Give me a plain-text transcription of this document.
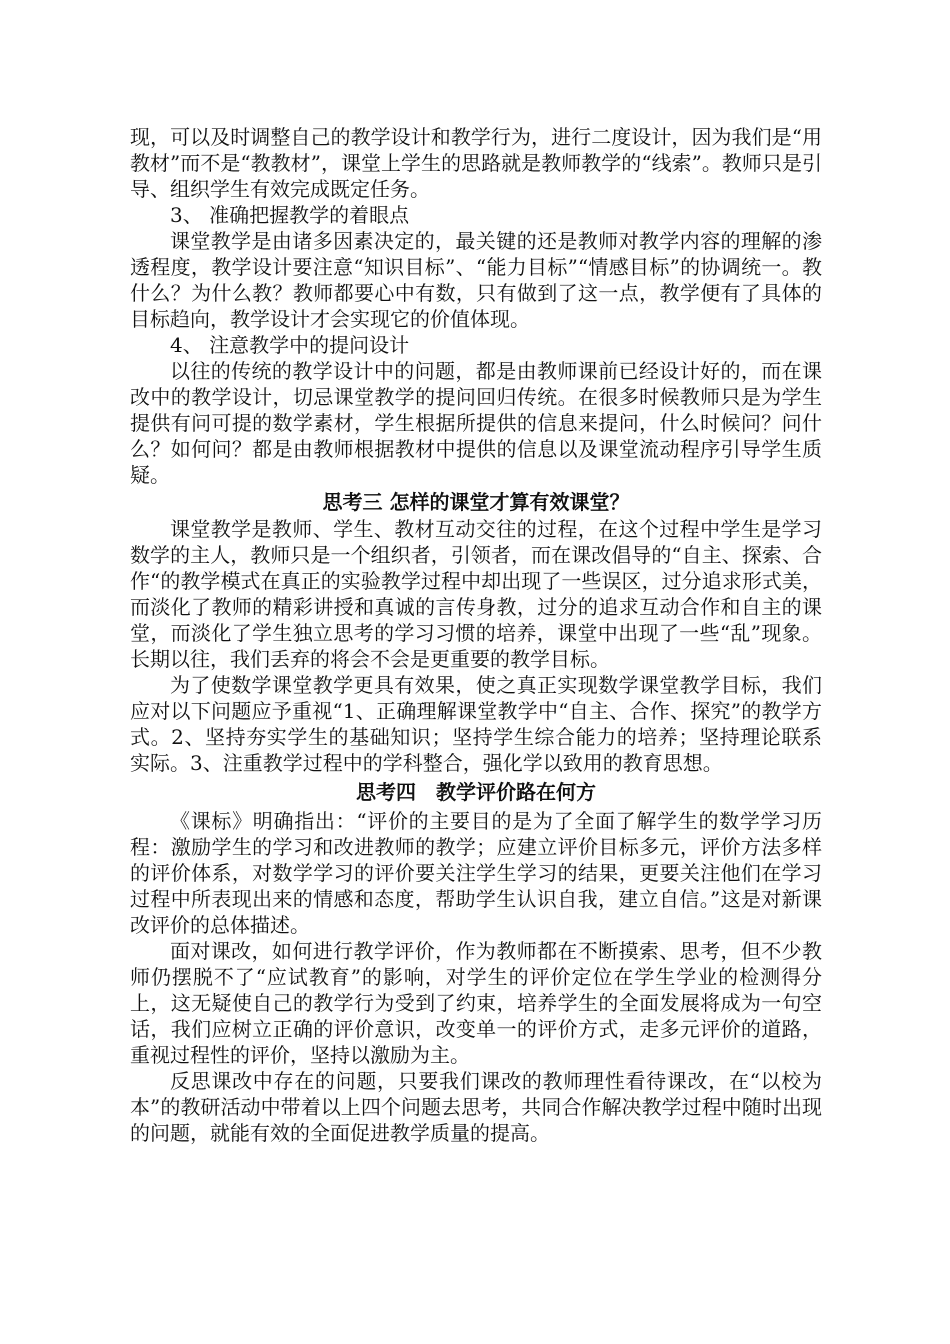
现，可以及时调整自己的教学设计和教学行为，进行二度设计，因为我们是“用教材”而不是“教教材”，课堂上学生的思路就是教师教学的“线索”。教师只是引导、组织学生有效完成既定任务。

3、 准确把握教学的着眼点

课堂教学是由诸多因素决定的，最关键的还是教师对教学内容的理解的渗透程度，教学设计要注意“知识目标”、“能力目标”“情感目标”的协调统一。教什么？为什么教？教师都要心中有数，只有做到了这一点，教学便有了具体的目标趋向，教学设计才会实现它的价值体现。

4、 注意教学中的提问设计

以往的传统的教学设计中的问题，都是由教师课前已经设计好的，而在课改中的教学设计，切忌课堂教学的提问回归传统。在很多时候教师只是为学生提供有问可提的数学素材，学生根据所提供的信息来提问，什么时候问？问什么？如何问？都是由教师根据教材中提供的信息以及课堂流动程序引导学生质疑。

思考三 怎样的课堂才算有效课堂？

课堂教学是教师、学生、教材互动交往的过程，在这个过程中学生是学习数学的主人，教师只是一个组织者，引领者，而在课改倡导的“自主、探索、合作“的教学模式在真正的实验教学过程中却出现了一些误区，过分追求形式美，而淡化了教师的精彩讲授和真诚的言传身教，过分的追求互动合作和自主的课堂，而淡化了学生独立思考的学习习惯的培养，课堂中出现了一些“乱”现象。长期以往，我们丢弃的将会不会是更重要的教学目标。

为了使数学课堂教学更具有效果，使之真正实现数学课堂教学目标，我们应对以下问题应予重视“1、正确理解课堂教学中“自主、合作、探究”的教学方式。2、坚持夯实学生的基础知识；坚持学生综合能力的培养；坚持理论联系实际。3、注重教学过程中的学科整合，强化学以致用的教育思想。

思考四　教学评价路在何方

《课标》明确指出：“评价的主要目的是为了全面了解学生的数学学习历程：激励学生的学习和改进教师的教学；应建立评价目标多元，评价方法多样的评价体系，对数学学习的评价要关注学生学习的结果，更要关注他们在学习过程中所表现出来的情感和态度，帮助学生认识自我，建立自信。”这是对新课改评价的总体描述。

面对课改，如何进行教学评价，作为教师都在不断摸索、思考，但不少教师仍摆脱不了“应试教育”的影响，对学生的评价定位在学生学业的检测得分上，这无疑使自己的教学行为受到了约束，培养学生的全面发展将成为一句空话，我们应树立正确的评价意识，改变单一的评价方式，走多元评价的道路，重视过程性的评价，坚持以激励为主。

反思课改中存在的问题，只要我们课改的教师理性看待课改，在“以校为本”的教研活动中带着以上四个问题去思考，共同合作解决教学过程中随时出现的问题，就能有效的全面促进教学质量的提高。
